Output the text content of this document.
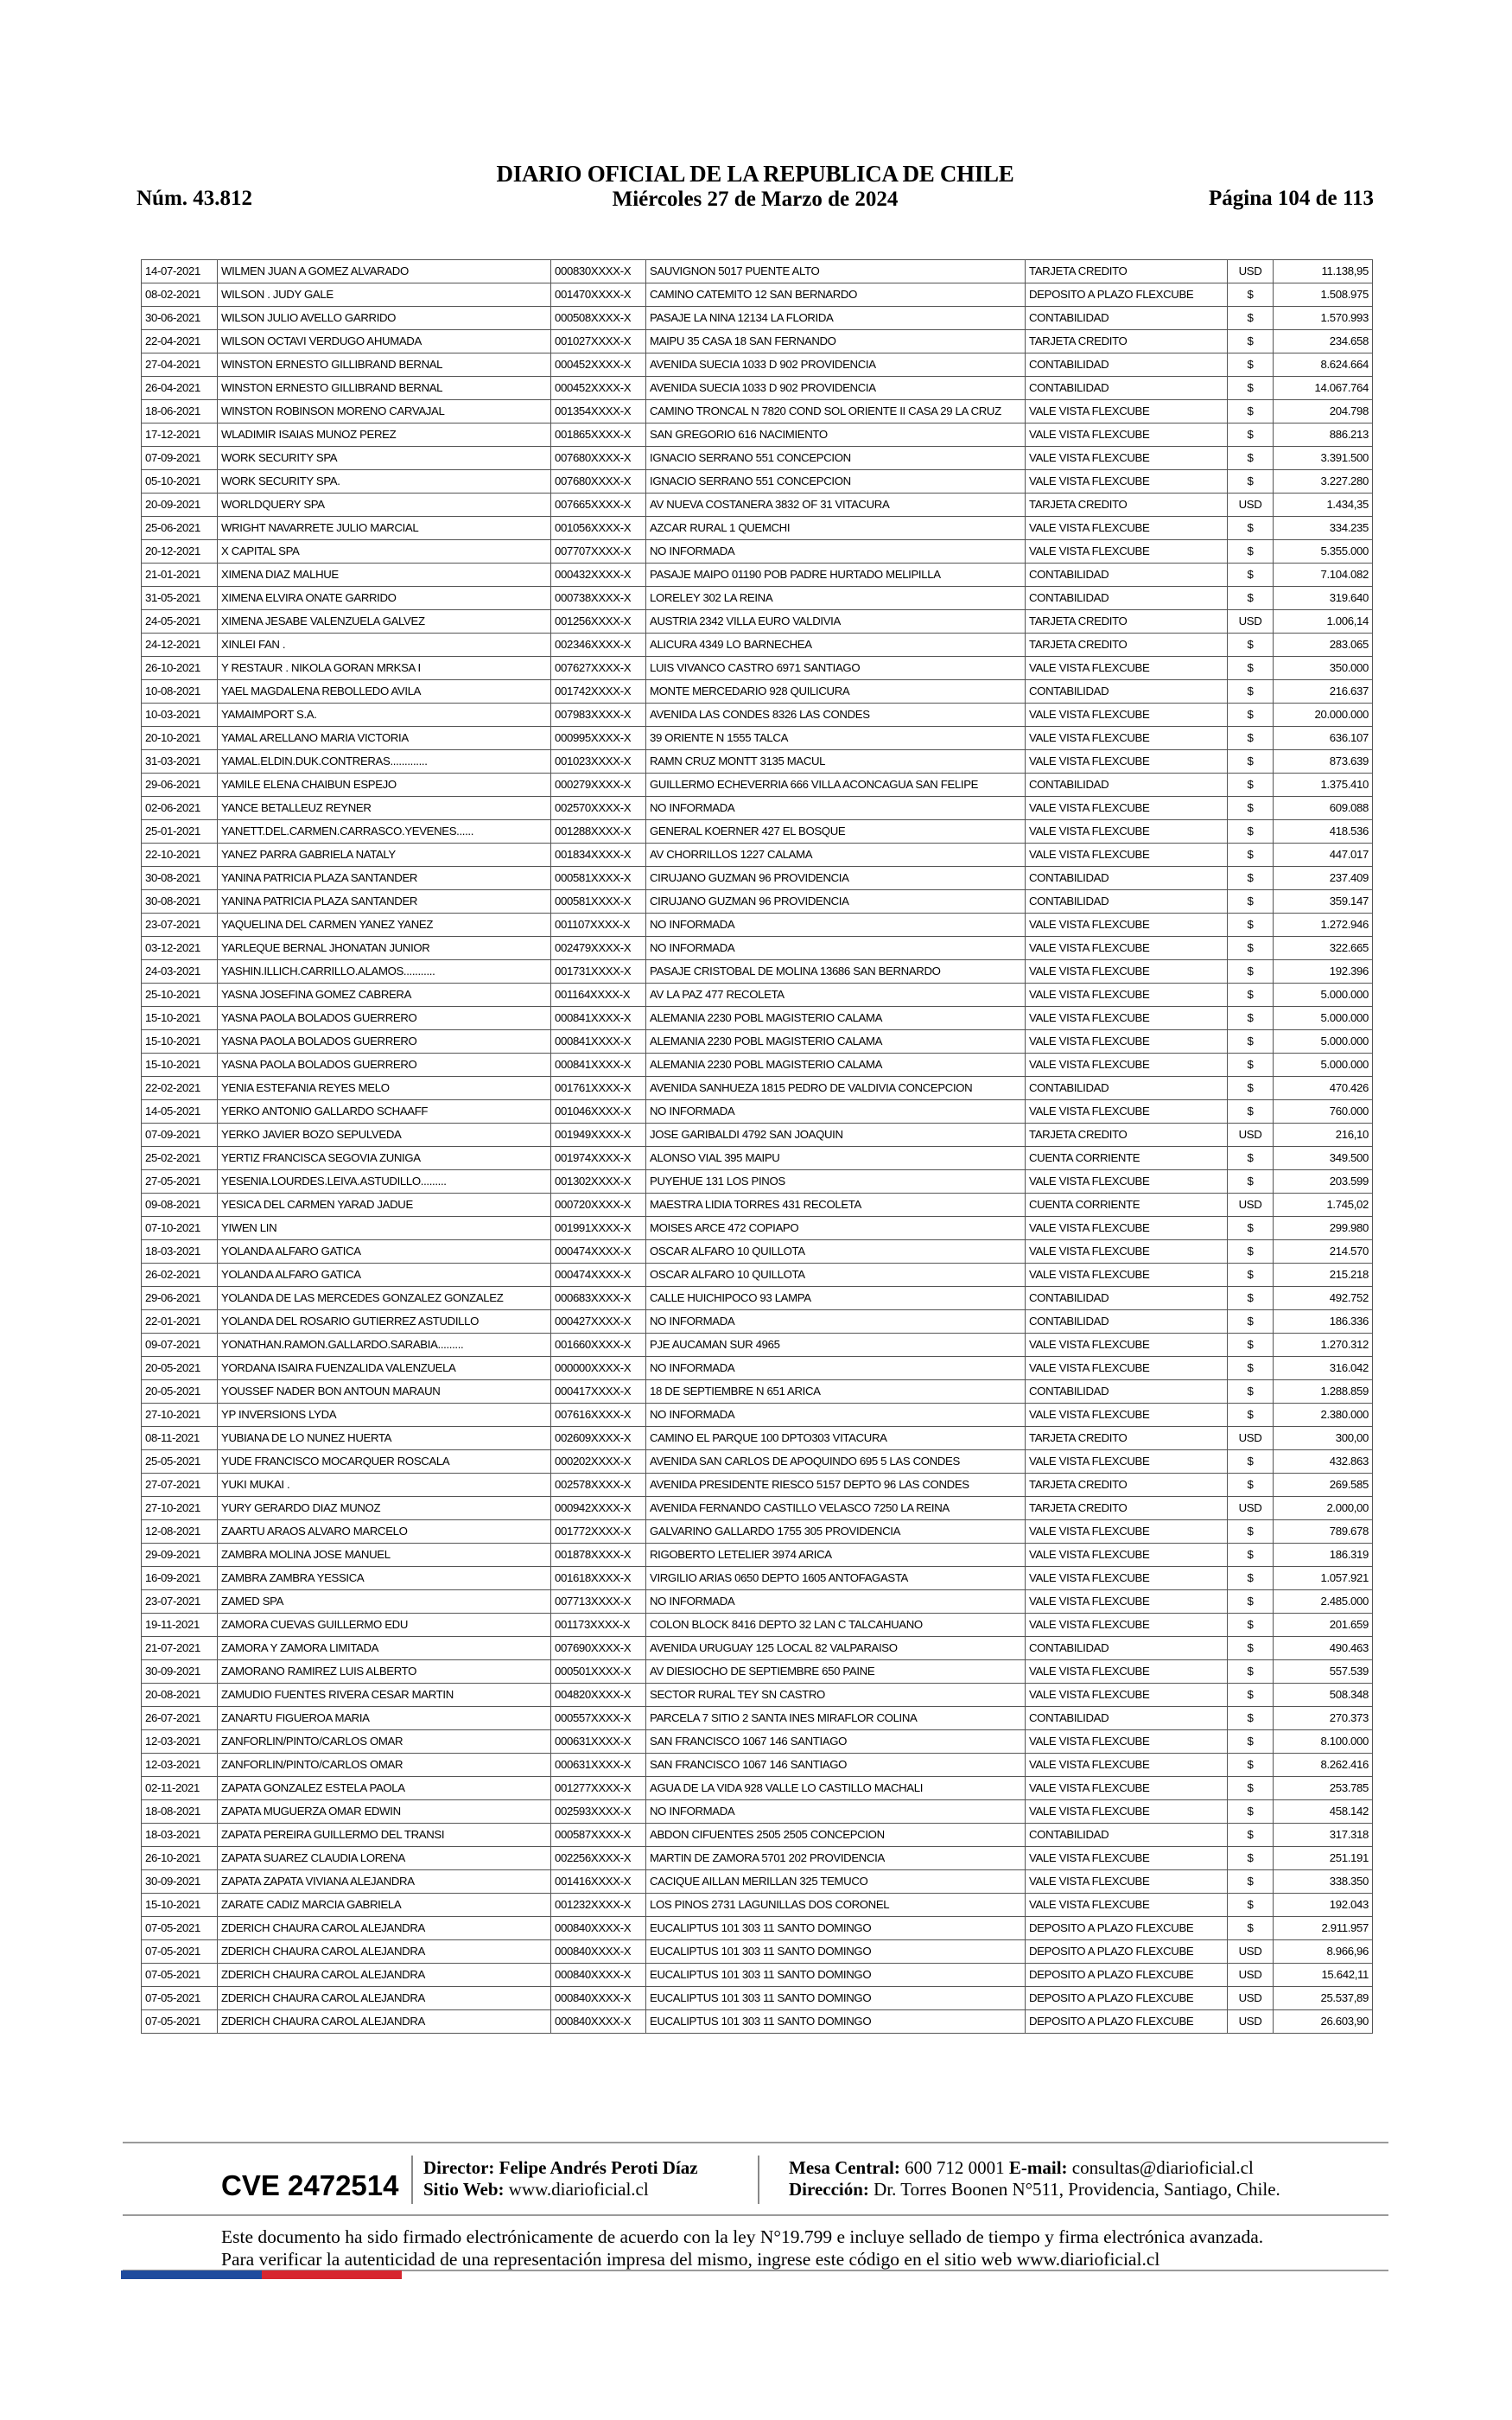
Núm. 43.812
DIARIO OFICIAL DE LA REPUBLICA DE CHILE
Miércoles 27 de Marzo de 2024	Página 104 de 113
14-07-2021	WILMEN JUAN A GOMEZ ALVARADO	000830XXXX-X	SAUVIGNON 5017 PUENTE ALTO	TARJETA CREDITO	USD	11.138,95
08-02-2021	WILSON . JUDY GALE	001470XXXX-X	CAMINO CATEMITO 12 SAN BERNARDO	DEPOSITO A PLAZO FLEXCUBE	$	1.508.975
30-06-2021	WILSON JULIO AVELLO GARRIDO	000508XXXX-X	PASAJE LA NINA 12134 LA FLORIDA	CONTABILIDAD	$	1.570.993
22-04-2021	WILSON OCTAVI VERDUGO AHUMADA	001027XXXX-X	MAIPU 35 CASA 18 SAN FERNANDO	TARJETA CREDITO	$	234.658
27-04-2021	WINSTON ERNESTO GILLIBRAND BERNAL	000452XXXX-X	AVENIDA SUECIA 1033 D 902 PROVIDENCIA	CONTABILIDAD	$	8.624.664
26-04-2021	WINSTON ERNESTO GILLIBRAND BERNAL	000452XXXX-X	AVENIDA SUECIA 1033 D 902 PROVIDENCIA	CONTABILIDAD	$	14.067.764
18-06-2021	WINSTON ROBINSON MORENO CARVAJAL	001354XXXX-X	CAMINO TRONCAL N 7820 COND SOL ORIENTE II CASA 29 LA CRUZ	VALE VISTA FLEXCUBE	$	204.798
17-12-2021	WLADIMIR ISAIAS MUNOZ PEREZ	001865XXXX-X	SAN GREGORIO 616 NACIMIENTO	VALE VISTA FLEXCUBE	$	886.213
07-09-2021	WORK SECURITY SPA	007680XXXX-X	IGNACIO SERRANO 551 CONCEPCION	VALE VISTA FLEXCUBE	$	3.391.500
05-10-2021	WORK SECURITY SPA.	007680XXXX-X	IGNACIO SERRANO 551 CONCEPCION	VALE VISTA FLEXCUBE	$	3.227.280
20-09-2021	WORLDQUERY SPA	007665XXXX-X	AV NUEVA COSTANERA 3832 OF 31 VITACURA	TARJETA CREDITO	USD	1.434,35
25-06-2021	WRIGHT NAVARRETE JULIO MARCIAL	001056XXXX-X	AZCAR RURAL 1 QUEMCHI	VALE VISTA FLEXCUBE	$	334.235
20-12-2021	X CAPITAL SPA	007707XXXX-X	NO INFORMADA	VALE VISTA FLEXCUBE	$	5.355.000
21-01-2021	XIMENA DIAZ MALHUE	000432XXXX-X	PASAJE MAIPO 01190 POB PADRE HURTADO MELIPILLA	CONTABILIDAD	$	7.104.082
31-05-2021	XIMENA ELVIRA ONATE GARRIDO	000738XXXX-X	LORELEY 302 LA REINA	CONTABILIDAD	$	319.640
24-05-2021	XIMENA JESABE VALENZUELA GALVEZ	001256XXXX-X	AUSTRIA 2342 VILLA EURO VALDIVIA	TARJETA CREDITO	USD	1.006,14
24-12-2021	XINLEI FAN .	002346XXXX-X	ALICURA 4349 LO BARNECHEA	TARJETA CREDITO	$	283.065
26-10-2021	Y RESTAUR . NIKOLA GORAN MRKSA I	007627XXXX-X	LUIS VIVANCO CASTRO 6971 SANTIAGO	VALE VISTA FLEXCUBE	$	350.000
10-08-2021	YAEL MAGDALENA REBOLLEDO AVILA	001742XXXX-X	MONTE MERCEDARIO 928 QUILICURA	CONTABILIDAD	$	216.637
10-03-2021	YAMAIMPORT S.A.	007983XXXX-X	AVENIDA LAS CONDES 8326 LAS CONDES	VALE VISTA FLEXCUBE	$	20.000.000
20-10-2021	YAMAL ARELLANO MARIA VICTORIA	000995XXXX-X	39 ORIENTE N 1555 TALCA	VALE VISTA FLEXCUBE	$	636.107
31-03-2021	YAMAL.ELDIN.DUK.CONTRERAS.............	001023XXXX-X	RAMN CRUZ MONTT 3135 MACUL	VALE VISTA FLEXCUBE	$	873.639
29-06-2021	YAMILE ELENA CHAIBUN ESPEJO	000279XXXX-X	GUILLERMO ECHEVERRIA 666 VILLA ACONCAGUA SAN FELIPE	CONTABILIDAD	$	1.375.410
02-06-2021	YANCE BETALLEUZ REYNER	002570XXXX-X	NO INFORMADA	VALE VISTA FLEXCUBE	$	609.088
25-01-2021	YANETT.DEL.CARMEN.CARRASCO.YEVENES......	001288XXXX-X	GENERAL KOERNER 427 EL BOSQUE	VALE VISTA FLEXCUBE	$	418.536
22-10-2021	YANEZ PARRA GABRIELA NATALY	001834XXXX-X	AV CHORRILLOS 1227 CALAMA	VALE VISTA FLEXCUBE	$	447.017
30-08-2021	YANINA PATRICIA PLAZA SANTANDER	000581XXXX-X	CIRUJANO GUZMAN 96 PROVIDENCIA	CONTABILIDAD	$	237.409
30-08-2021	YANINA PATRICIA PLAZA SANTANDER	000581XXXX-X	CIRUJANO GUZMAN 96 PROVIDENCIA	CONTABILIDAD	$	359.147
23-07-2021	YAQUELINA DEL CARMEN YANEZ YANEZ	001107XXXX-X	NO INFORMADA	VALE VISTA FLEXCUBE	$	1.272.946
03-12-2021	YARLEQUE BERNAL JHONATAN JUNIOR	002479XXXX-X	NO INFORMADA	VALE VISTA FLEXCUBE	$	322.665
24-03-2021	YASHIN.ILLICH.CARRILLO.ALAMOS...........	001731XXXX-X	PASAJE CRISTOBAL DE MOLINA 13686 SAN BERNARDO	VALE VISTA FLEXCUBE	$	192.396
25-10-2021	YASNA JOSEFINA GOMEZ CABRERA	001164XXXX-X	AV LA PAZ 477 RECOLETA	VALE VISTA FLEXCUBE	$	5.000.000
15-10-2021	YASNA PAOLA BOLADOS GUERRERO	000841XXXX-X	ALEMANIA 2230 POBL MAGISTERIO CALAMA	VALE VISTA FLEXCUBE	$	5.000.000
15-10-2021	YASNA PAOLA BOLADOS GUERRERO	000841XXXX-X	ALEMANIA 2230 POBL MAGISTERIO CALAMA	VALE VISTA FLEXCUBE	$	5.000.000
15-10-2021	YASNA PAOLA BOLADOS GUERRERO	000841XXXX-X	ALEMANIA 2230 POBL MAGISTERIO CALAMA	VALE VISTA FLEXCUBE	$	5.000.000
22-02-2021	YENIA ESTEFANIA REYES MELO	001761XXXX-X	AVENIDA SANHUEZA 1815 PEDRO DE VALDIVIA CONCEPCION	CONTABILIDAD	$	470.426
14-05-2021	YERKO ANTONIO GALLARDO SCHAAFF	001046XXXX-X	NO INFORMADA	VALE VISTA FLEXCUBE	$	760.000
07-09-2021	YERKO JAVIER BOZO SEPULVEDA	001949XXXX-X	JOSE GARIBALDI 4792 SAN JOAQUIN	TARJETA CREDITO	USD	216,10
25-02-2021	YERTIZ FRANCISCA SEGOVIA ZUNIGA	001974XXXX-X	ALONSO VIAL 395 MAIPU	CUENTA CORRIENTE	$	349.500
27-05-2021	YESENIA.LOURDES.LEIVA.ASTUDILLO.........	001302XXXX-X	PUYEHUE 131 LOS PINOS	VALE VISTA FLEXCUBE	$	203.599
09-08-2021	YESICA DEL CARMEN YARAD JADUE	000720XXXX-X	MAESTRA LIDIA TORRES 431 RECOLETA	CUENTA CORRIENTE	USD	1.745,02
07-10-2021	YIWEN LIN	001991XXXX-X	MOISES ARCE 472 COPIAPO	VALE VISTA FLEXCUBE	$	299.980
18-03-2021	YOLANDA ALFARO GATICA	000474XXXX-X	OSCAR ALFARO 10 QUILLOTA	VALE VISTA FLEXCUBE	$	214.570
26-02-2021	YOLANDA ALFARO GATICA	000474XXXX-X	OSCAR ALFARO 10 QUILLOTA	VALE VISTA FLEXCUBE	$	215.218
29-06-2021	YOLANDA DE LAS MERCEDES GONZALEZ GONZALEZ	000683XXXX-X	CALLE HUICHIPOCO 93 LAMPA	CONTABILIDAD	$	492.752
22-01-2021	YOLANDA DEL ROSARIO GUTIERREZ ASTUDILLO	000427XXXX-X	NO INFORMADA	CONTABILIDAD	$	186.336
09-07-2021	YONATHAN.RAMON.GALLARDO.SARABIA.........	001660XXXX-X	PJE AUCAMAN SUR 4965	VALE VISTA FLEXCUBE	$	1.270.312
20-05-2021	YORDANA ISAIRA FUENZALIDA VALENZUELA	000000XXXX-X	NO INFORMADA	VALE VISTA FLEXCUBE	$	316.042
20-05-2021	YOUSSEF NADER BON ANTOUN MARAUN	000417XXXX-X	18 DE SEPTIEMBRE N 651 ARICA	CONTABILIDAD	$	1.288.859
27-10-2021	YP INVERSIONS LYDA	007616XXXX-X	NO INFORMADA	VALE VISTA FLEXCUBE	$	2.380.000
08-11-2021	YUBIANA DE LO NUNEZ HUERTA	002609XXXX-X	CAMINO EL PARQUE 100 DPTO303 VITACURA	TARJETA CREDITO	USD	300,00
25-05-2021	YUDE FRANCISCO MOCARQUER ROSCALA	000202XXXX-X	AVENIDA SAN CARLOS DE APOQUINDO 695 5 LAS CONDES	VALE VISTA FLEXCUBE	$	432.863
27-07-2021	YUKI MUKAI .	002578XXXX-X	AVENIDA PRESIDENTE RIESCO 5157 DEPTO 96 LAS CONDES	TARJETA CREDITO	$	269.585
27-10-2021	YURY GERARDO DIAZ MUNOZ	000942XXXX-X	AVENIDA FERNANDO CASTILLO VELASCO 7250 LA REINA	TARJETA CREDITO	USD	2.000,00
12-08-2021	ZAARTU ARAOS ALVARO MARCELO	001772XXXX-X	GALVARINO GALLARDO 1755 305 PROVIDENCIA	VALE VISTA FLEXCUBE	$	789.678
29-09-2021	ZAMBRA MOLINA JOSE MANUEL	001878XXXX-X	RIGOBERTO LETELIER 3974 ARICA	VALE VISTA FLEXCUBE	$	186.319
16-09-2021	ZAMBRA ZAMBRA YESSICA	001618XXXX-X	VIRGILIO ARIAS 0650 DEPTO 1605 ANTOFAGASTA	VALE VISTA FLEXCUBE	$	1.057.921
23-07-2021	ZAMED SPA	007713XXXX-X	NO INFORMADA	VALE VISTA FLEXCUBE	$	2.485.000
19-11-2021	ZAMORA CUEVAS GUILLERMO EDU	001173XXXX-X	COLON BLOCK 8416 DEPTO 32 LAN C TALCAHUANO	VALE VISTA FLEXCUBE	$	201.659
21-07-2021	ZAMORA Y ZAMORA LIMITADA	007690XXXX-X	AVENIDA URUGUAY 125 LOCAL 82 VALPARAISO	CONTABILIDAD	$	490.463
30-09-2021	ZAMORANO RAMIREZ LUIS ALBERTO	000501XXXX-X	AV DIESIOCHO DE SEPTIEMBRE 650 PAINE	VALE VISTA FLEXCUBE	$	557.539
20-08-2021	ZAMUDIO FUENTES RIVERA CESAR MARTIN	004820XXXX-X	SECTOR RURAL TEY SN CASTRO	VALE VISTA FLEXCUBE	$	508.348
26-07-2021	ZANARTU FIGUEROA MARIA	000557XXXX-X	PARCELA 7 SITIO 2 SANTA INES MIRAFLOR COLINA	CONTABILIDAD	$	270.373
12-03-2021	ZANFORLIN/PINTO/CARLOS OMAR	000631XXXX-X	SAN FRANCISCO 1067 146 SANTIAGO	VALE VISTA FLEXCUBE	$	8.100.000
12-03-2021	ZANFORLIN/PINTO/CARLOS OMAR	000631XXXX-X	SAN FRANCISCO 1067 146 SANTIAGO	VALE VISTA FLEXCUBE	$	8.262.416
02-11-2021	ZAPATA GONZALEZ ESTELA PAOLA	001277XXXX-X	AGUA DE LA VIDA 928 VALLE LO CASTILLO MACHALI	VALE VISTA FLEXCUBE	$	253.785
18-08-2021	ZAPATA MUGUERZA OMAR EDWIN	002593XXXX-X	NO INFORMADA	VALE VISTA FLEXCUBE	$	458.142
18-03-2021	ZAPATA PEREIRA GUILLERMO DEL TRANSI	000587XXXX-X	ABDON CIFUENTES 2505 2505 CONCEPCION	CONTABILIDAD	$	317.318
26-10-2021	ZAPATA SUAREZ CLAUDIA LORENA	002256XXXX-X	MARTIN DE ZAMORA 5701 202 PROVIDENCIA	VALE VISTA FLEXCUBE	$	251.191
30-09-2021	ZAPATA ZAPATA VIVIANA ALEJANDRA	001416XXXX-X	CACIQUE AILLAN MERILLAN 325 TEMUCO	VALE VISTA FLEXCUBE	$	338.350
15-10-2021	ZARATE CADIZ MARCIA GABRIELA	001232XXXX-X	LOS PINOS 2731 LAGUNILLAS DOS CORONEL	VALE VISTA FLEXCUBE	$	192.043
07-05-2021	ZDERICH CHAURA CAROL ALEJANDRA	000840XXXX-X	EUCALIPTUS 101 303 11 SANTO DOMINGO	DEPOSITO A PLAZO FLEXCUBE	$	2.911.957
07-05-2021	ZDERICH CHAURA CAROL ALEJANDRA	000840XXXX-X	EUCALIPTUS 101 303 11 SANTO DOMINGO	DEPOSITO A PLAZO FLEXCUBE	USD	8.966,96
07-05-2021	ZDERICH CHAURA CAROL ALEJANDRA	000840XXXX-X	EUCALIPTUS 101 303 11 SANTO DOMINGO	DEPOSITO A PLAZO FLEXCUBE	USD	15.642,11
07-05-2021	ZDERICH CHAURA CAROL ALEJANDRA	000840XXXX-X	EUCALIPTUS 101 303 11 SANTO DOMINGO	DEPOSITO A PLAZO FLEXCUBE	USD	25.537,89
07-05-2021	ZDERICH CHAURA CAROL ALEJANDRA	000840XXXX-X	EUCALIPTUS 101 303 11 SANTO DOMINGO	DEPOSITO A PLAZO FLEXCUBE	USD	26.603,90
CVE 2472514
Director: Felipe Andrés Peroti Díaz
Sitio Web: www.diarioficial.cl
Mesa Central: 600 712 0001 E-mail: consultas@diarioficial.cl
Dirección: Dr. Torres Boonen N°511, Providencia, Santiago, Chile.
Este documento ha sido firmado electrónicamente de acuerdo con la ley N°19.799 e incluye sellado de tiempo y firma electrónica avanzada. Para verificar la autenticidad de una representación impresa del mismo, ingrese este código en el sitio web www.diarioficial.cl
